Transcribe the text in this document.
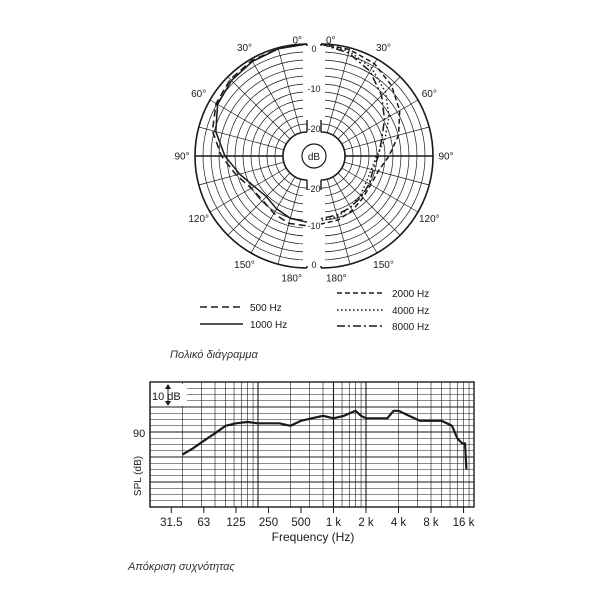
dB
0
-10
-20
-20
-10
0
0°
30°
60°
90°
120°
150°
180°
0°
30°
60°
90°
120°
150°
180°
500 Hz
1000 Hz
2000 Hz
4000 Hz
8000 Hz
Πολικό διάγραμμα
31.5 63 125 250 500 1 k 2 k 4 k 8 k 16 k
10 dB
90
SPL (dB)
Frequency (Hz)
Απόκριση συχνότητας
